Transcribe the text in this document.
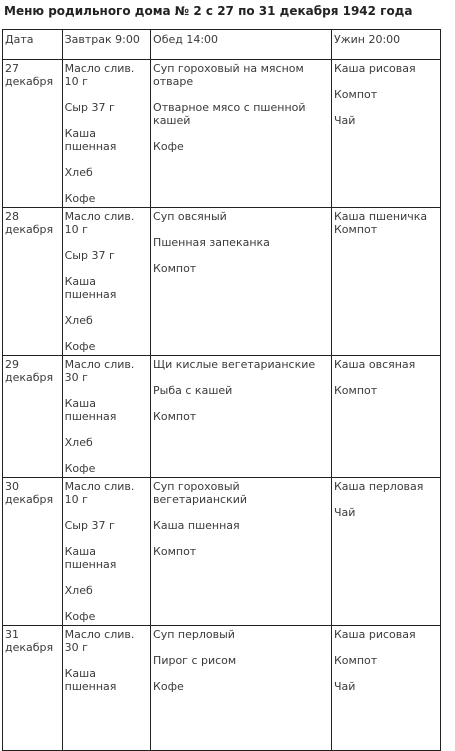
Меню родильного дома № 2 с 27 по 31 декабря 1942 года
Дата	Завтрак 9:00	Обед 14:00	Ужин 20:00
27 декабря	Масло слив. 10 г
Сыр 37 г
Каша пшенная
Хлеб
Кофе	Суп гороховый на мясном отваре
Отварное мясо с пшенной кашей
Кофе	Каша рисовая
Компот
Чай

28 декабря	Масло слив. 10 г
Сыр 37 г
Каша пшенная
Хлеб
Кофе	Суп овсяный
Пшенная запеканка
Компот	Каша пшеничка Компот

29 декабря	Масло слив. 30 г
Каша пшенная
Хлеб
Кофе	Щи кислые вегетарианские
Рыба с кашей
Компот	Каша овсяная
Компот

30 декабря	Масло слив. 10 г
Сыр 37 г
Каша пшенная
Хлеб
Кофе	Суп гороховый вегетарианский
Каша пшенная
Компот	Каша перловая
Чай

31 декабря	Масло слив. 30 г
Каша пшенная	Суп перловый
Пирог с рисом
Кофе	Каша рисовая
Компот
Чай
